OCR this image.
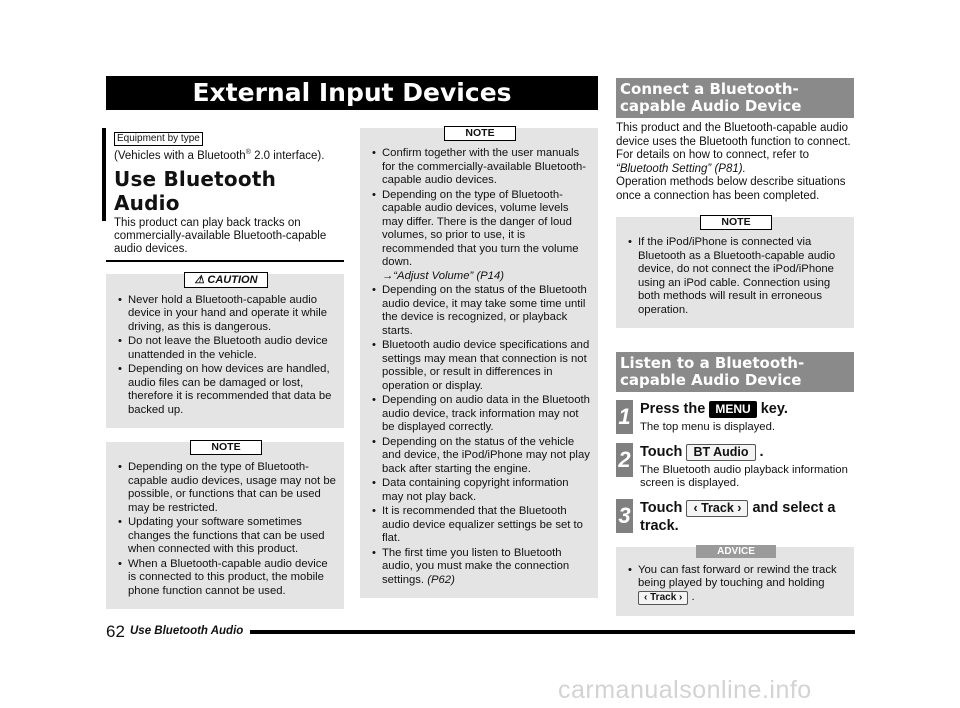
External Input Devices
Equipment by type
(Vehicles with a Bluetooth® 2.0 interface).
Use Bluetooth Audio
This product can play back tracks on commercially-available Bluetooth-capable audio devices.
⚠ CAUTION
• Never hold a Bluetooth-capable audio device in your hand and operate it while driving, as this is dangerous.
• Do not leave the Bluetooth audio device unattended in the vehicle.
• Depending on how devices are handled, audio files can be damaged or lost, therefore it is recommended that data be backed up.
NOTE
• Depending on the type of Bluetooth-capable audio devices, usage may not be possible, or functions that can be used may be restricted.
• Updating your software sometimes changes the functions that can be used when connected with this product.
• When a Bluetooth-capable audio device is connected to this product, the mobile phone function cannot be used.
NOTE
• Confirm together with the user manuals for the commercially-available Bluetooth-capable audio devices.
• Depending on the type of Bluetooth-capable audio devices, volume levels may differ. There is the danger of loud volumes, so prior to use, it is recommended that you turn the volume down.
→“Adjust Volume” (P14)
• Depending on the status of the Bluetooth audio device, it may take some time until the device is recognized, or playback starts.
• Bluetooth audio device specifications and settings may mean that connection is not possible, or result in differences in operation or display.
• Depending on audio data in the Bluetooth audio device, track information may not be displayed correctly.
• Depending on the status of the vehicle and device, the iPod/iPhone may not play back after starting the engine.
• Data containing copyright information may not play back.
• It is recommended that the Bluetooth audio device equalizer settings be set to flat.
• The first time you listen to Bluetooth audio, you must make the connection settings. (P62)
Connect a Bluetooth-capable Audio Device
This product and the Bluetooth-capable audio device uses the Bluetooth function to connect. For details on how to connect, refer to
“Bluetooth Setting” (P81).
Operation methods below describe situations once a connection has been completed.
NOTE
• If the iPod/iPhone is connected via Bluetooth as a Bluetooth-capable audio device, do not connect the iPod/iPhone using an iPod cable. Connection using both methods will result in erroneous operation.
Listen to a Bluetooth-capable Audio Device
1 Press the MENU key.
The top menu is displayed.
2 Touch BT Audio .
The Bluetooth audio playback information screen is displayed.
3 Touch ‹ Track › and select a track.
ADVICE
• You can fast forward or rewind the track being played by touching and holding
‹ Track › .
62 Use Bluetooth Audio
carmanualsonline.info
